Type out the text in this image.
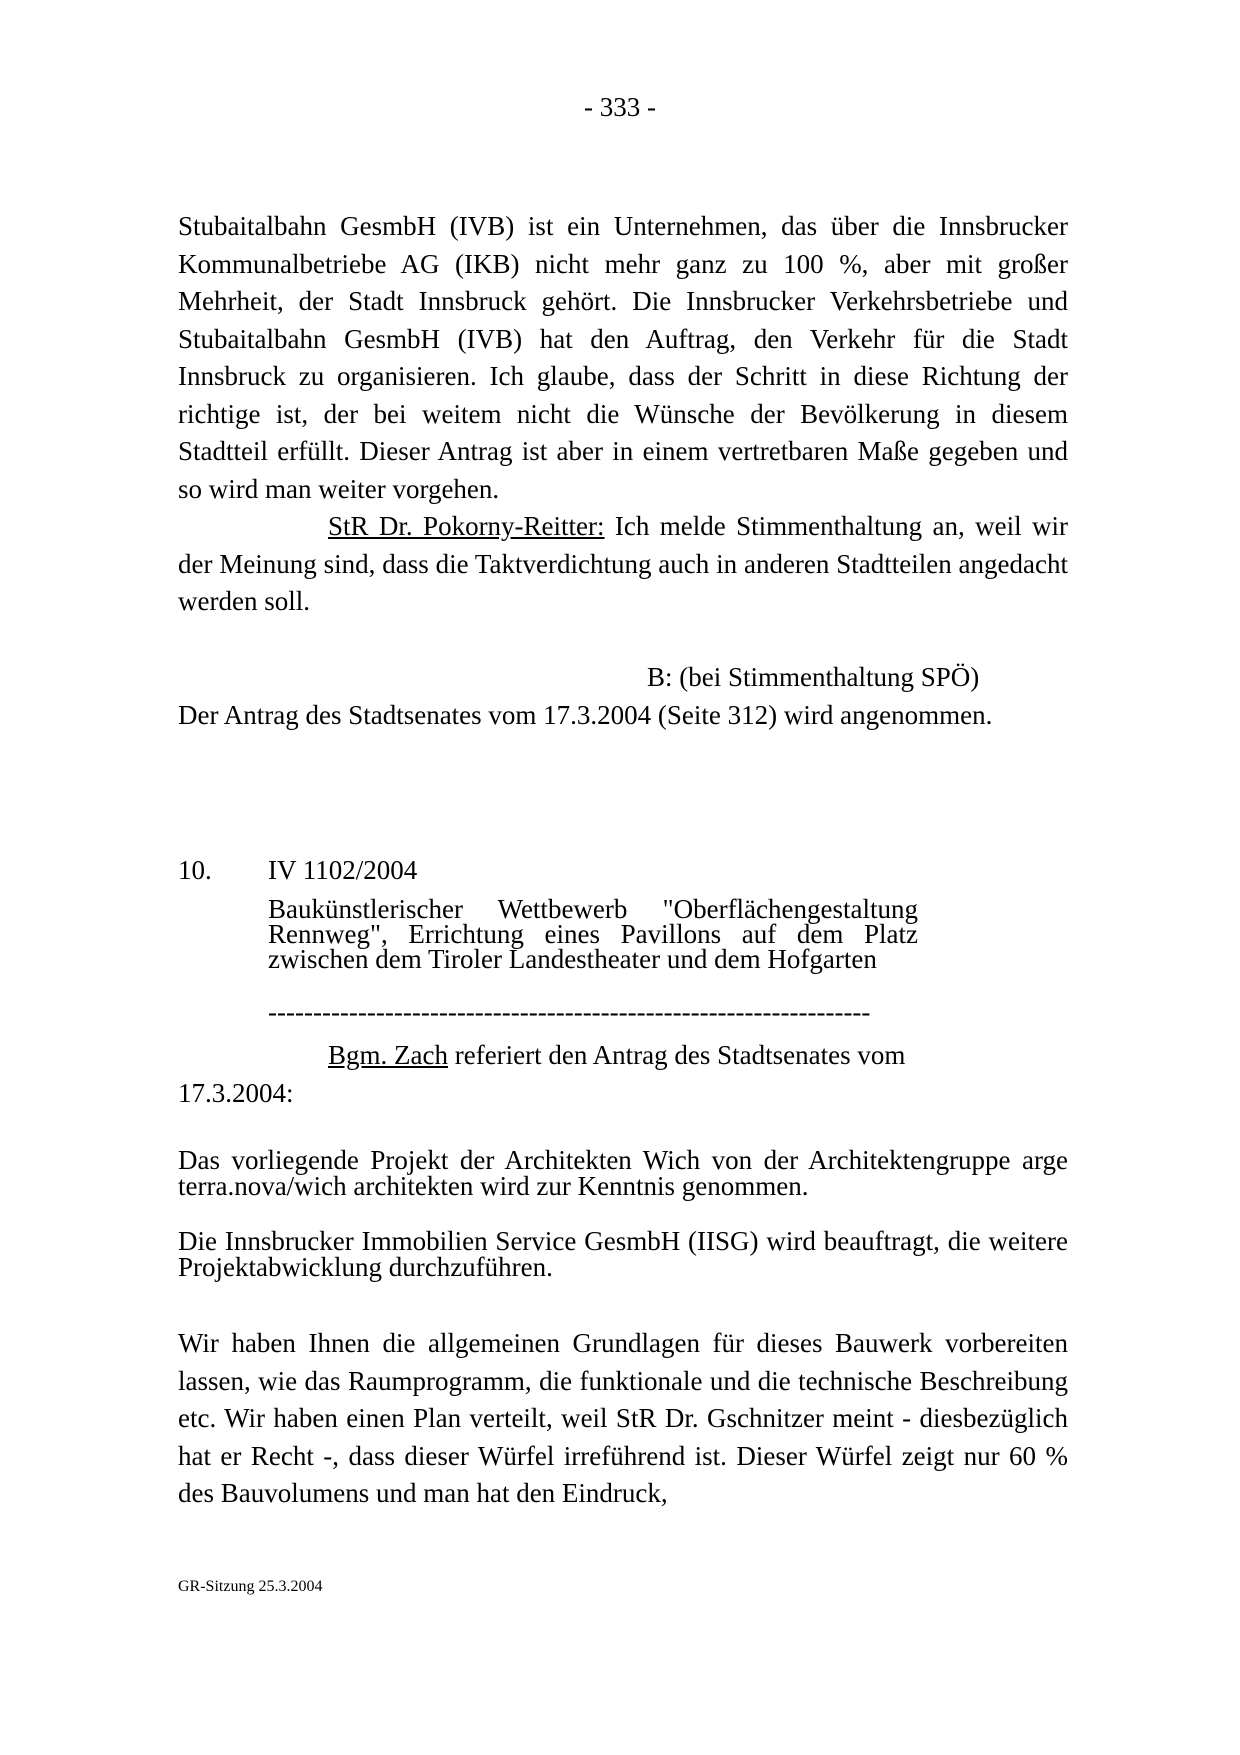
- 333 -

Stubaitalbahn GesmbH (IVB) ist ein Unternehmen, das über die Innsbrucker Kommunalbetriebe AG (IKB) nicht mehr ganz zu 100 %, aber mit großer Mehrheit, der Stadt Innsbruck gehört. Die Innsbrucker Verkehrsbetriebe und Stubaitalbahn GesmbH (IVB) hat den Auftrag, den Verkehr für die Stadt Innsbruck zu organisieren. Ich glaube, dass der Schritt in diese Richtung der richtige ist, der bei weitem nicht die Wünsche der Bevölkerung in diesem Stadtteil erfüllt. Dieser Antrag ist aber in einem vertretbaren Maße gegeben und so wird man weiter vorgehen.

StR Dr. Pokorny-Reitter: Ich melde Stimmenthaltung an, weil wir der Meinung sind, dass die Taktverdichtung auch in anderen Stadtteilen angedacht werden soll.

B: (bei Stimmenthaltung SPÖ)
Der Antrag des Stadtsenates vom 17.3.2004 (Seite 312) wird angenommen.
10. IV 1102/2004

Baukünstlerischer Wettbewerb "Oberflächengestaltung Rennweg", Errichtung eines Pavillons auf dem Platz zwischen dem Tiroler Landestheater und dem Hofgarten

-------------------------------------------------------------------
Bgm. Zach referiert den Antrag des Stadtsenates vom
17.3.2004:

Das vorliegende Projekt der Architekten Wich von der Architektengruppe arge terra.nova/wich architekten wird zur Kenntnis genommen.

Die Innsbrucker Immobilien Service GesmbH (IISG) wird beauftragt, die weitere Projektabwicklung durchzuführen.

Wir haben Ihnen die allgemeinen Grundlagen für dieses Bauwerk vorbereiten lassen, wie das Raumprogramm, die funktionale und die technische Beschreibung etc. Wir haben einen Plan verteilt, weil StR Dr. Gschnitzer meint - diesbezüglich hat er Recht -, dass dieser Würfel irreführend ist. Dieser Würfel zeigt nur 60 % des Bauvolumens und man hat den Eindruck,

GR-Sitzung 25.3.2004
